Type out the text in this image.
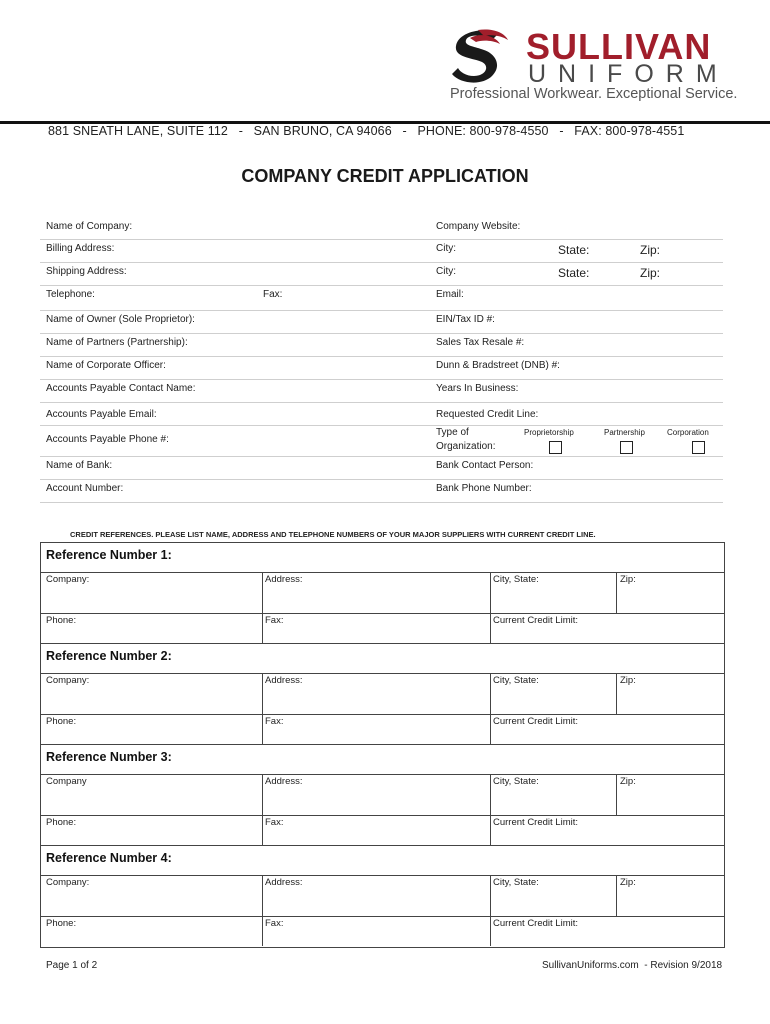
SULLIVAN
UNIFORM
Professional Workwear. Exceptional Service.
881 SNEATH LANE, SUITE 112   -   SAN BRUNO, CA 94066   -   PHONE: 800-978-4550   -   FAX: 800-978-4551
COMPANY CREDIT APPLICATION
Name of Company:	Company Website:
Billing Address:	City:	State:	Zip:
Shipping Address:	City:	State:	Zip:
Telephone:	Fax:	Email:
Name of Owner (Sole Proprietor):	EIN/Tax ID #:
Name of Partners (Partnership):	Sales Tax Resale #:
Name of Corporate Officer:	Dunn & Bradstreet (DNB) #:
Accounts Payable Contact Name:	Years In Business:
Accounts Payable Email:	Requested Credit Line:
Accounts Payable Phone #:
Name of Bank:	Bank Contact Person:
Account Number:	Bank Phone Number:
Type of
Organization:
Proprietorship	Partnership	Corporation
CREDIT REFERENCES. PLEASE LIST NAME, ADDRESS AND TELEPHONE NUMBERS OF YOUR MAJOR SUPPLIERS WITH CURRENT CREDIT LINE.
Reference Number 1:
Company:	Address:	City, State:	Zip:
Phone:	Fax:	Current Credit Limit:
Reference Number 2:
Company:	Address:	City, State:	Zip:
Phone:	Fax:	Current Credit Limit:
Reference Number 3:
Company	Address:	City, State:	Zip:
Phone:	Fax:	Current Credit Limit:
Reference Number 4:
Company:	Address:	City, State:	Zip:
Phone:	Fax:	Current Credit Limit:
Page 1 of 2	SullivanUniforms.com  - Revision 9/2018
